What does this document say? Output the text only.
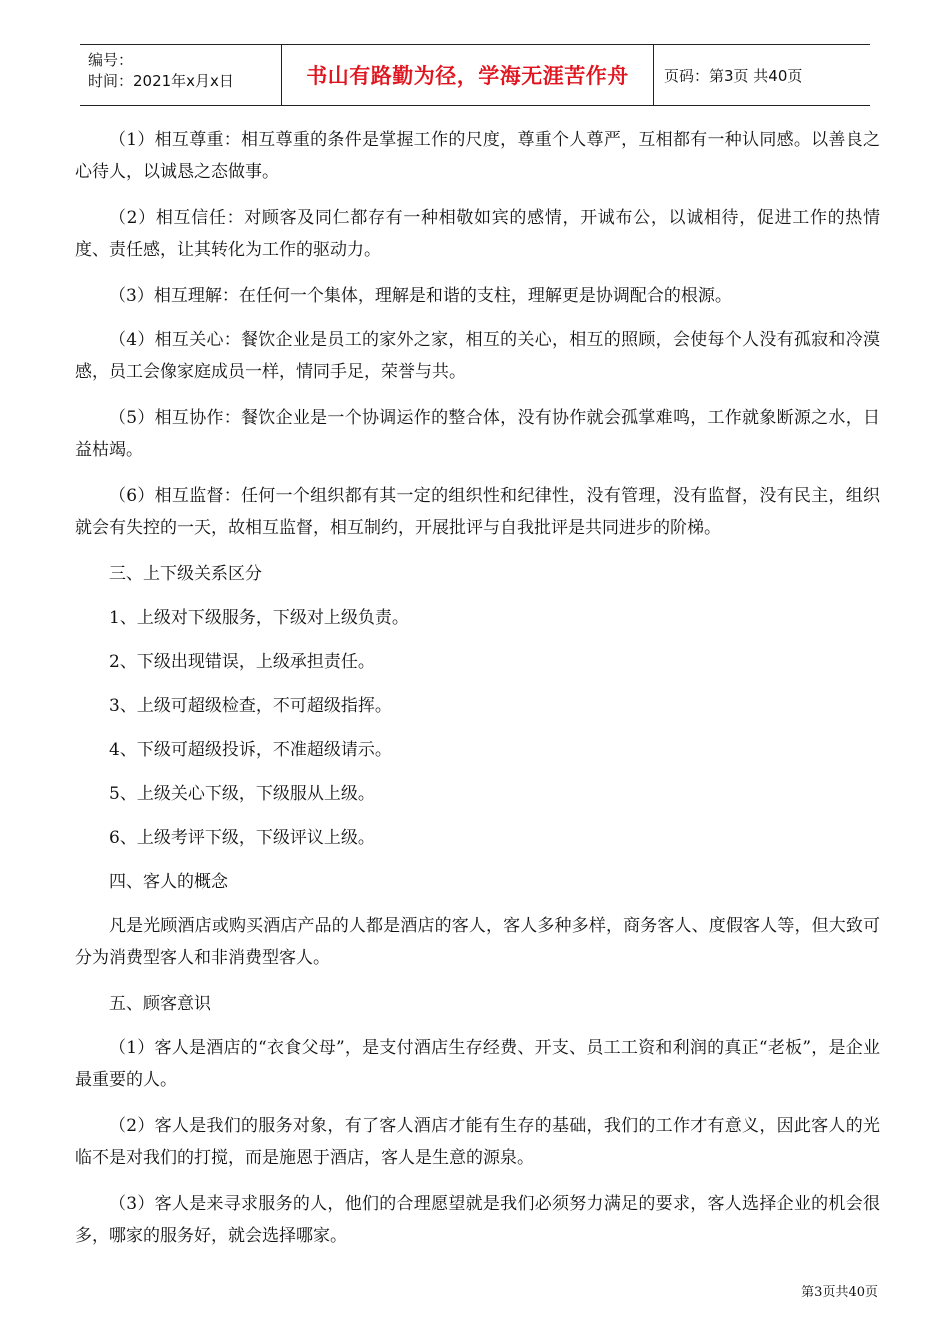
编号：
时间：2021年x月x日	书山有路勤为径，学海无涯苦作舟	页码：第3页 共40页

（1）相互尊重：相互尊重的条件是掌握工作的尺度，尊重个人尊严，互相都有一种认同感。以善良之心待人，以诚恳之态做事。

（2）相互信任：对顾客及同仁都存有一种相敬如宾的感情，开诚布公，以诚相待，促进工作的热情度、责任感，让其转化为工作的驱动力。

（3）相互理解：在任何一个集体，理解是和谐的支柱，理解更是协调配合的根源。

（4）相互关心：餐饮企业是员工的家外之家，相互的关心，相互的照顾，会使每个人没有孤寂和冷漠感，员工会像家庭成员一样，情同手足，荣誉与共。

（5）相互协作：餐饮企业是一个协调运作的整合体，没有协作就会孤掌难鸣，工作就象断源之水，日益枯竭。

（6）相互监督：任何一个组织都有其一定的组织性和纪律性，没有管理，没有监督，没有民主，组织就会有失控的一天，故相互监督，相互制约，开展批评与自我批评是共同进步的阶梯。

三、上下级关系区分

1、上级对下级服务，下级对上级负责。

2、下级出现错误，上级承担责任。

3、上级可超级检查，不可超级指挥。

4、下级可超级投诉，不准超级请示。

5、上级关心下级，下级服从上级。

6、上级考评下级，下级评议上级。

四、客人的概念

凡是光顾酒店或购买酒店产品的人都是酒店的客人，客人多种多样，商务客人、度假客人等，但大致可分为消费型客人和非消费型客人。

五、顾客意识

（1）客人是酒店的“衣食父母”，是支付酒店生存经费、开支、员工工资和利润的真正“老板”，是企业最重要的人。

（2）客人是我们的服务对象，有了客人酒店才能有生存的基础，我们的工作才有意义，因此客人的光临不是对我们的打搅，而是施恩于酒店，客人是生意的源泉。

（3）客人是来寻求服务的人，他们的合理愿望就是我们必须努力满足的要求，客人选择企业的机会很多，哪家的服务好，就会选择哪家。

第3页共40页
